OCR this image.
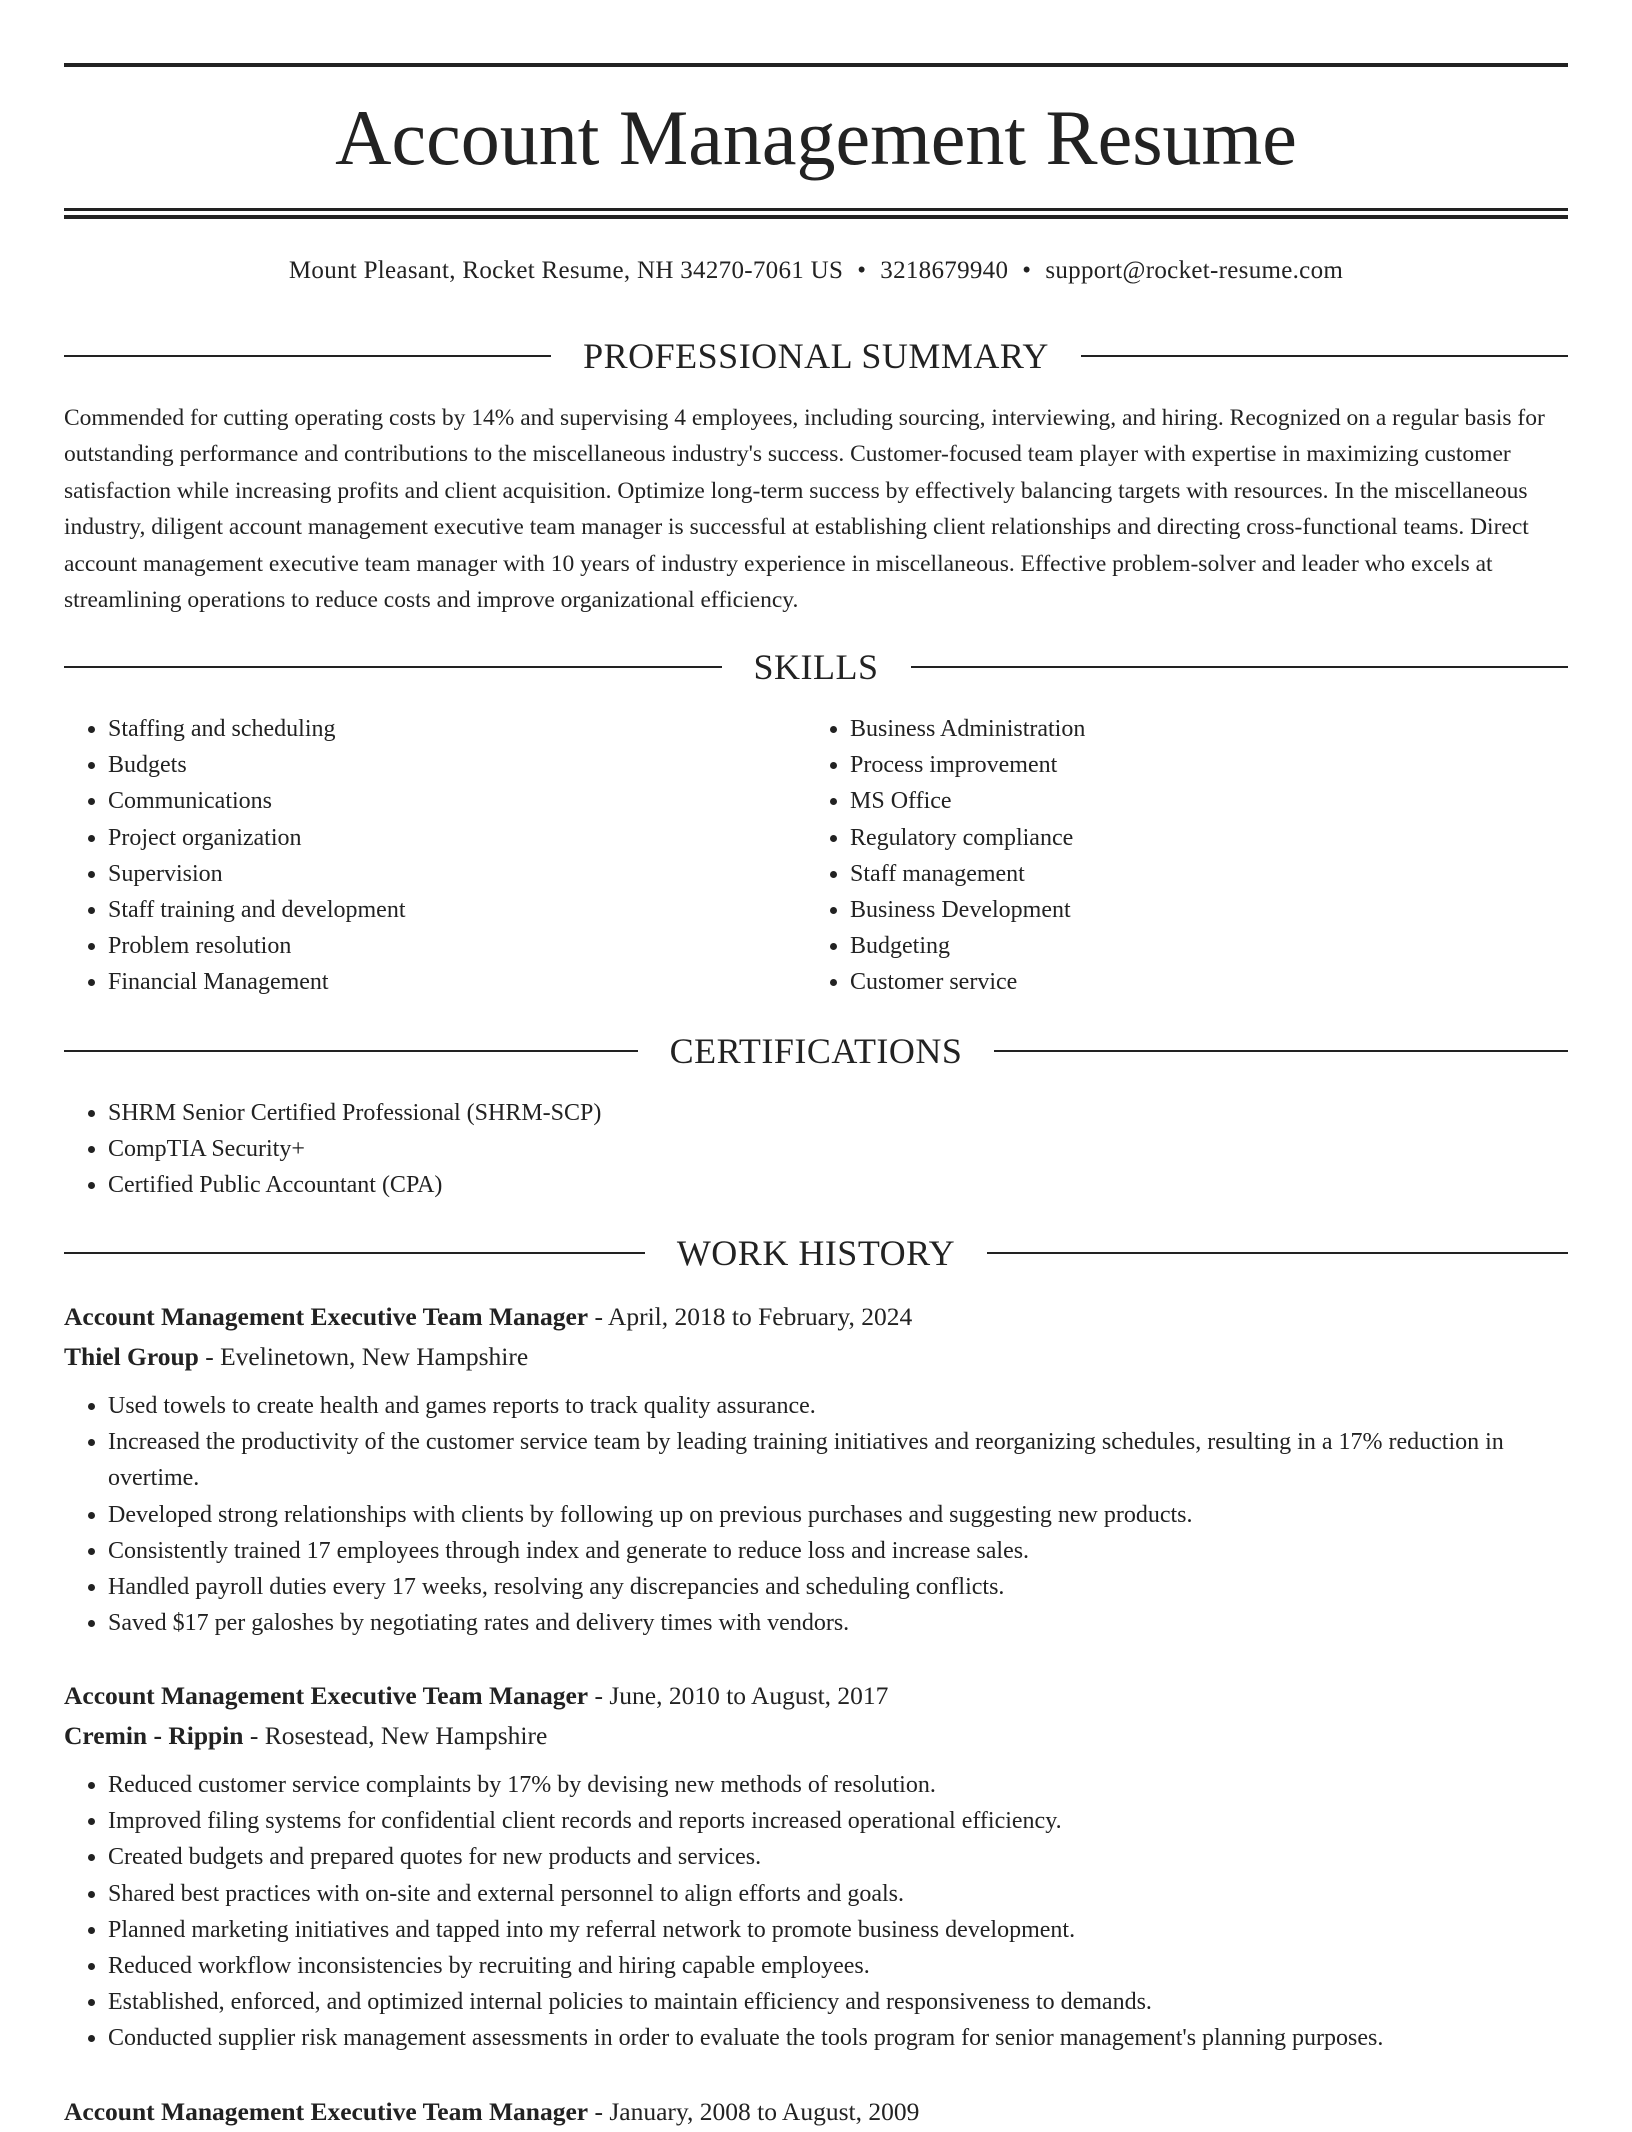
Account Management Resume
Mount Pleasant, Rocket Resume, NH 34270-7061 US • 3218679940 • support@rocket-resume.com
PROFESSIONAL SUMMARY

Commended for cutting operating costs by 14% and supervising 4 employees, including sourcing, interviewing, and hiring. Recognized on a regular basis for outstanding performance and contributions to the miscellaneous industry's success. Customer-focused team player with expertise in maximizing customer satisfaction while increasing profits and client acquisition. Optimize long-term success by effectively balancing targets with resources. In the miscellaneous industry, diligent account management executive team manager is successful at establishing client relationships and directing cross-functional teams. Direct account management executive team manager with 10 years of industry experience in miscellaneous. Effective problem-solver and leader who excels at streamlining operations to reduce costs and improve organizational efficiency.

SKILLS
• Staffing and scheduling
• Budgets
• Communications
• Project organization
• Supervision
• Staff training and development
• Problem resolution
• Financial Management
• Business Administration
• Process improvement
• MS Office
• Regulatory compliance
• Staff management
• Business Development
• Budgeting
• Customer service
CERTIFICATIONS
• SHRM Senior Certified Professional (SHRM-SCP)
• CompTIA Security+
• Certified Public Accountant (CPA)
WORK HISTORY
Account Management Executive Team Manager - April, 2018 to February, 2024
Thiel Group - Evelinetown, New Hampshire
• Used towels to create health and games reports to track quality assurance.
• Increased the productivity of the customer service team by leading training initiatives and reorganizing schedules, resulting in a 17% reduction in overtime.
• Developed strong relationships with clients by following up on previous purchases and suggesting new products.
• Consistently trained 17 employees through index and generate to reduce loss and increase sales.
• Handled payroll duties every 17 weeks, resolving any discrepancies and scheduling conflicts.
• Saved $17 per galoshes by negotiating rates and delivery times with vendors.
Account Management Executive Team Manager - June, 2010 to August, 2017
Cremin - Rippin - Rosestead, New Hampshire
• Reduced customer service complaints by 17% by devising new methods of resolution.
• Improved filing systems for confidential client records and reports increased operational efficiency.
• Created budgets and prepared quotes for new products and services.
• Shared best practices with on-site and external personnel to align efforts and goals.
• Planned marketing initiatives and tapped into my referral network to promote business development.
• Reduced workflow inconsistencies by recruiting and hiring capable employees.
• Established, enforced, and optimized internal policies to maintain efficiency and responsiveness to demands.
• Conducted supplier risk management assessments in order to evaluate the tools program for senior management's planning purposes.
Account Management Executive Team Manager - January, 2008 to August, 2009
